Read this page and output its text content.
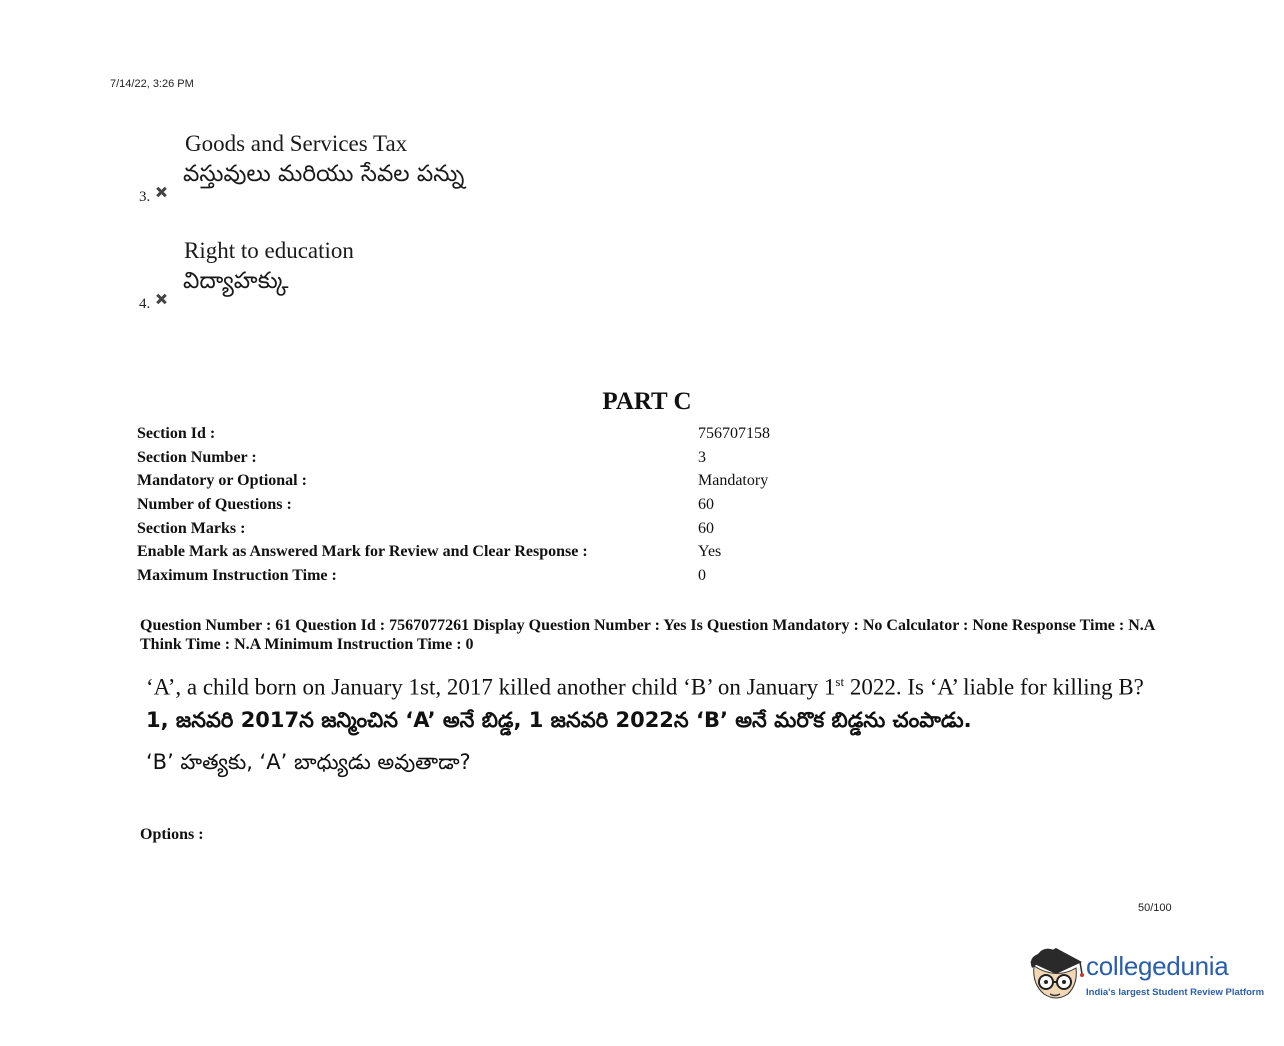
7/14/22, 3:26 PM
Goods and Services Tax
వస్తువులు మరియు సేవల పన్ను
3.
Right to education
విద్యాహక్కు
4.
PART C
Section Id :	756707158
Section Number :	3
Mandatory or Optional :	Mandatory
Number of Questions :	60
Section Marks :	60
Enable Mark as Answered Mark for Review and Clear Response :	Yes
Maximum Instruction Time :	0
Question Number : 61 Question Id : 7567077261 Display Question Number : Yes Is Question Mandatory : No Calculator : None Response Time : N.A Think Time : N.A Minimum Instruction Time : 0
‘A’, a child born on January 1st, 2017 killed another child ‘B’ on January 1st 2022. Is ‘A’ liable for killing B?
1, జనవరి 2017న జన్మించిన ‘A’ అనే బిడ్డ, 1 జనవరి 2022న ‘B’ అనే మరొక బిడ్డను చంపాడు.
‘B’ హత్యకు, ‘A’ బాధ్యుడు అవుతాడా?
Options :
50/100
collegedunia
India's largest Student Review Platform
